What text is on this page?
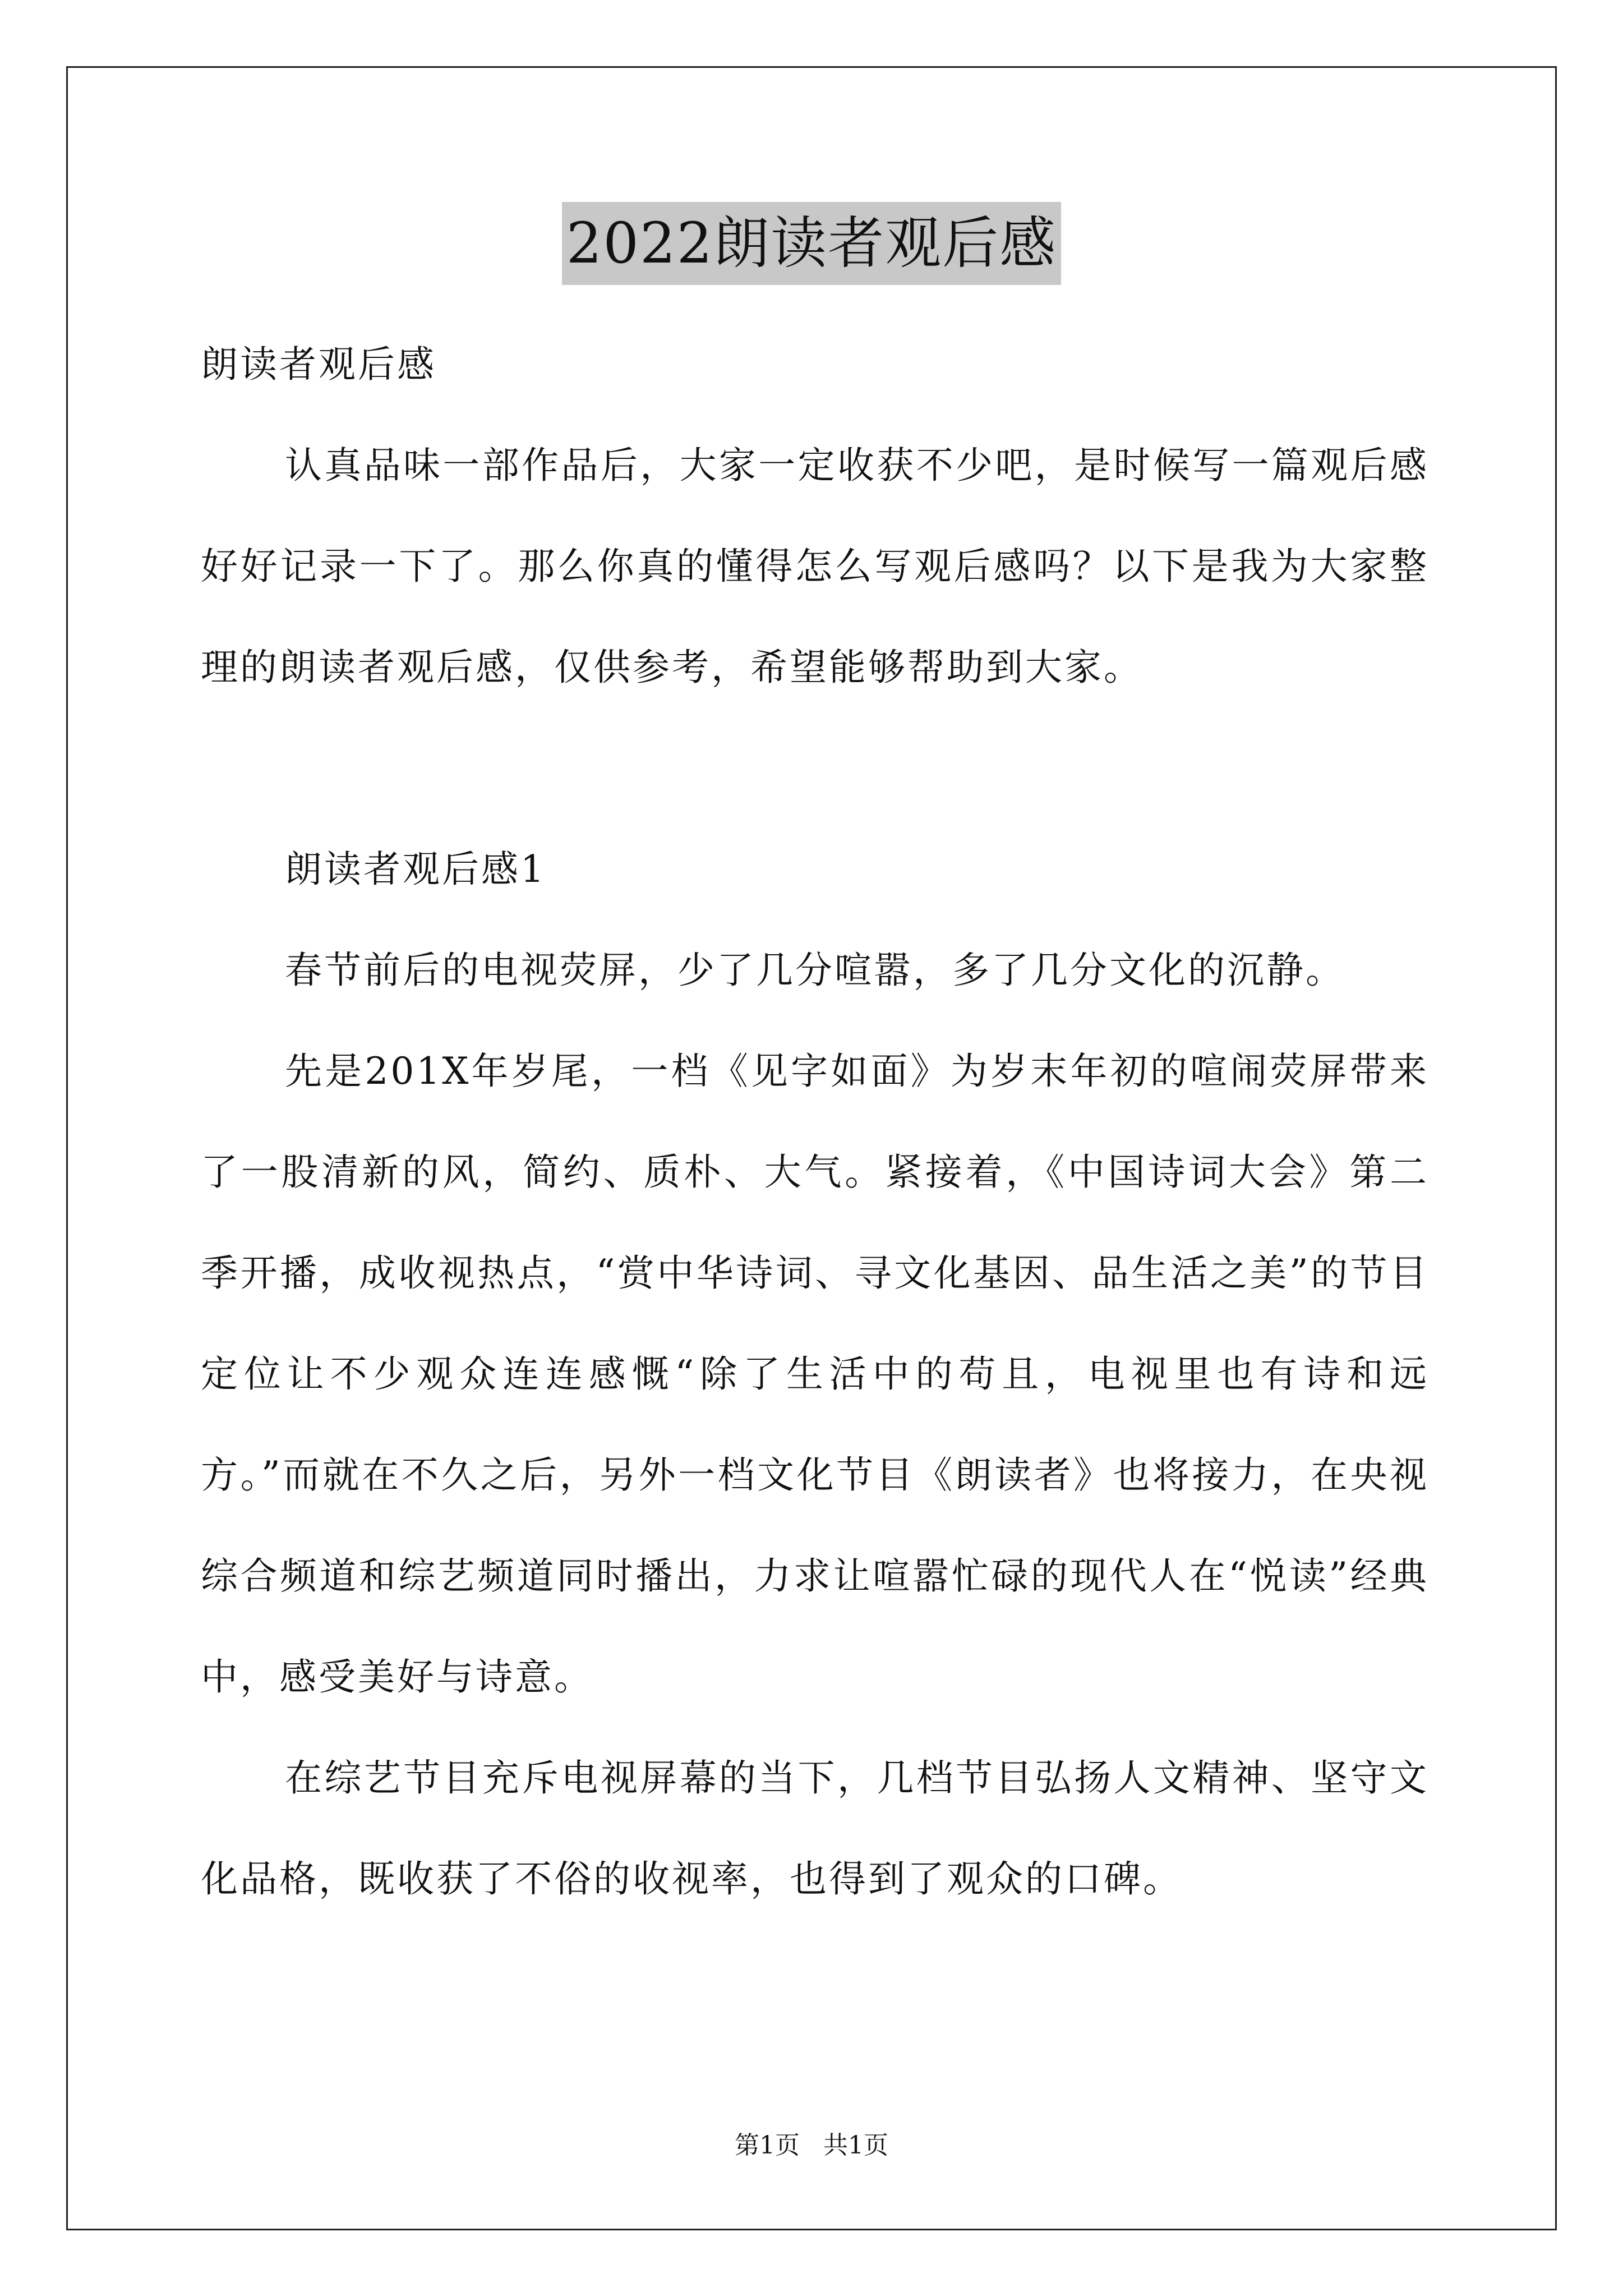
2022朗读者观后感

朗读者观后感

认真品味一部作品后，大家一定收获不少吧，是时候写一篇观后感好好记录一下了。那么你真的懂得怎么写观后感吗？以下是我为大家整理的朗读者观后感，仅供参考，希望能够帮助到大家。

朗读者观后感1

春节前后的电视荧屏，少了几分喧嚣，多了几分文化的沉静。

先是201X年岁尾，一档《见字如面》为岁末年初的喧闹荧屏带来了一股清新的风，简约、质朴、大气。紧接着，《中国诗词大会》第二季开播，成收视热点，“赏中华诗词、寻文化基因、品生活之美”的节目定位让不少观众连连感慨“除了生活中的苟且，电视里也有诗和远方。”而就在不久之后，另外一档文化节目《朗读者》也将接力，在央视综合频道和综艺频道同时播出，力求让喧嚣忙碌的现代人在“悦读”经典中，感受美好与诗意。

在综艺节目充斥电视屏幕的当下，几档节目弘扬人文精神、坚守文化品格，既收获了不俗的收视率，也得到了观众的口碑。

第1页 共1页
